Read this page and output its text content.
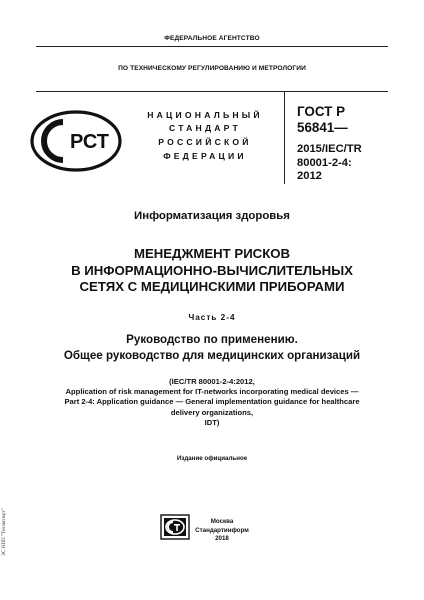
ФЕДЕРАЛЬНОЕ АГЕНТСТВО
ПО ТЕХНИЧЕСКОМУ РЕГУЛИРОВАНИЮ И МЕТРОЛОГИИ
РСТ
НАЦИОНАЛЬНЫЙ
СТАНДАРТ
РОССИЙСКОЙ
ФЕДЕРАЦИИ
ГОСТ Р
56841—
2015/IEC/TR
80001-2-4:
2012
Информатизация здоровья
МЕНЕДЖМЕНТ РИСКОВ
В ИНФОРМАЦИОННО-ВЫЧИСЛИТЕЛЬНЫХ
СЕТЯХ С МЕДИЦИНСКИМИ ПРИБОРАМИ
Часть 2-4
Руководство по применению.
Общее руководство для медицинских организаций
(IEC/TR 80001-2-4:2012,
Application of risk management for IT-networks incorporating medical devices —
Part 2-4: Application guidance — General implementation guidance for healthcare
delivery organizations,
IDT)
Издание официальное
Москва
Стандартинформ
2018
ЭС НПП "Техэксперт"
